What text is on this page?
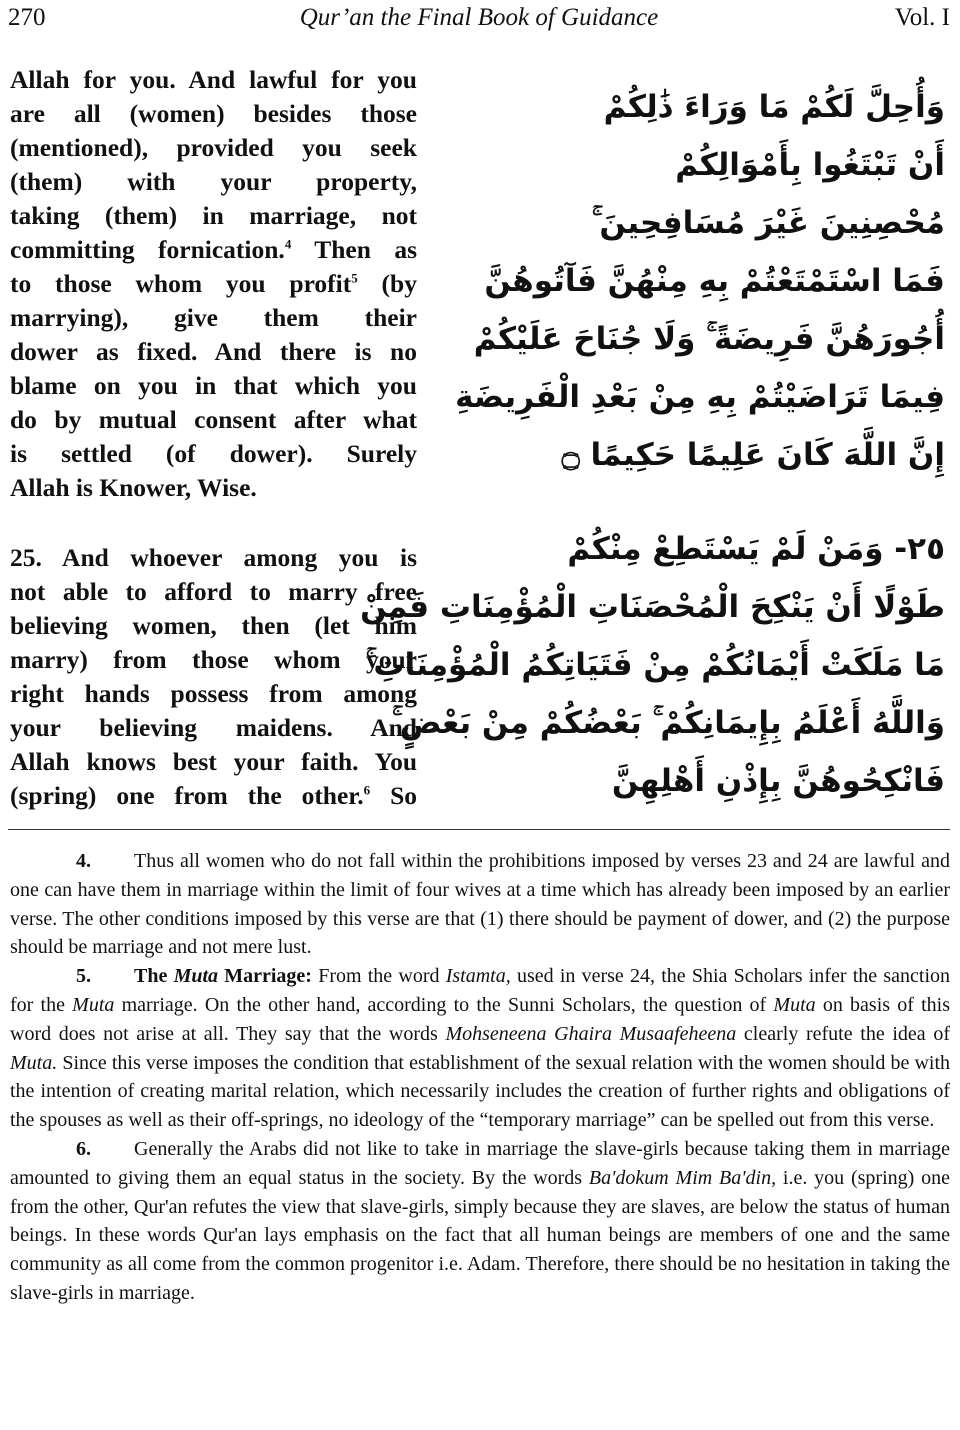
270	Qur’an the Final Book of Guidance	Vol. I
Allah for you. And lawful for you
are all (women) besides those
(mentioned), provided you seek
(them) with your property,
taking (them) in marriage, not
committing fornication.$^4$ Then as
to those whom you profit$^5$ (by
marrying), give them their
dower as fixed. And there is no
blame on you in that which you
do by mutual consent after what
is settled (of dower). Surely
Allah is Knower, Wise.
25. And whoever among you is
not able to afford to marry free
believing women, then (let him
marry) from those whom your
right hands possess from among
your believing maidens. And
Allah knows best your faith. You
(spring) one from the other.$^6$ So
وَأُحِلَّ لَكُمْ مَا وَرَاءَ ذَٰلِكُمْ
أَنْ تَبْتَغُوا بِأَمْوَالِكُمْ
مُحْصِنِينَ غَيْرَ مُسَافِحِينَ ۚ
فَمَا اسْتَمْتَعْتُمْ بِهِ مِنْهُنَّ فَآتُوهُنَّ
أُجُورَهُنَّ فَرِيضَةً ۚ وَلَا جُنَاحَ عَلَيْكُمْ
فِيمَا تَرَاضَيْتُمْ بِهِ مِنْ بَعْدِ الْفَرِيضَةِ
إِنَّ اللَّهَ كَانَ عَلِيمًا حَكِيمًا ۝
٢٥- وَمَنْ لَمْ يَسْتَطِعْ مِنْكُمْ
طَوْلًا أَنْ يَنْكِحَ الْمُحْصَنَاتِ الْمُؤْمِنَاتِ فَمِنْ
مَا مَلَكَتْ أَيْمَانُكُمْ مِنْ فَتَيَاتِكُمُ الْمُؤْمِنَاتِ ۚ
وَاللَّهُ أَعْلَمُ بِإِيمَانِكُمْ ۚ بَعْضُكُمْ مِنْ بَعْضٍ ۚ
فَانْكِحُوهُنَّ بِإِذْنِ أَهْلِهِنَّ

4. Thus all women who do not fall within the prohibitions imposed by verses 23 and 24 are lawful and one can have them in marriage within the limit of four wives at a time which has already been imposed by an earlier verse. The other conditions imposed by this verse are that (1) there should be payment of dower, and (2) the purpose should be marriage and not mere lust.

5. The Muta Marriage: From the word Istamta, used in verse 24, the Shia Scholars infer the sanction for the Muta marriage. On the other hand, according to the Sunni Scholars, the question of Muta on basis of this word does not arise at all. They say that the words Mohseneena Ghaira Musaafeheena clearly refute the idea of Muta. Since this verse imposes the condition that establishment of the sexual relation with the women should be with the intention of creating marital relation, which necessarily includes the creation of further rights and obligations of the spouses as well as their off-springs, no ideology of the “temporary marriage” can be spelled out from this verse.

6. Generally the Arabs did not like to take in marriage the slave-girls because taking them in marriage amounted to giving them an equal status in the society. By the words Ba'dokum Mim Ba'din, i.e. you (spring) one from the other, Qur'an refutes the view that slave-girls, simply because they are slaves, are below the status of human beings. In these words Qur'an lays emphasis on the fact that all human beings are members of one and the same community as all come from the common progenitor i.e. Adam. Therefore, there should be no hesitation in taking the slave-girls in marriage.
